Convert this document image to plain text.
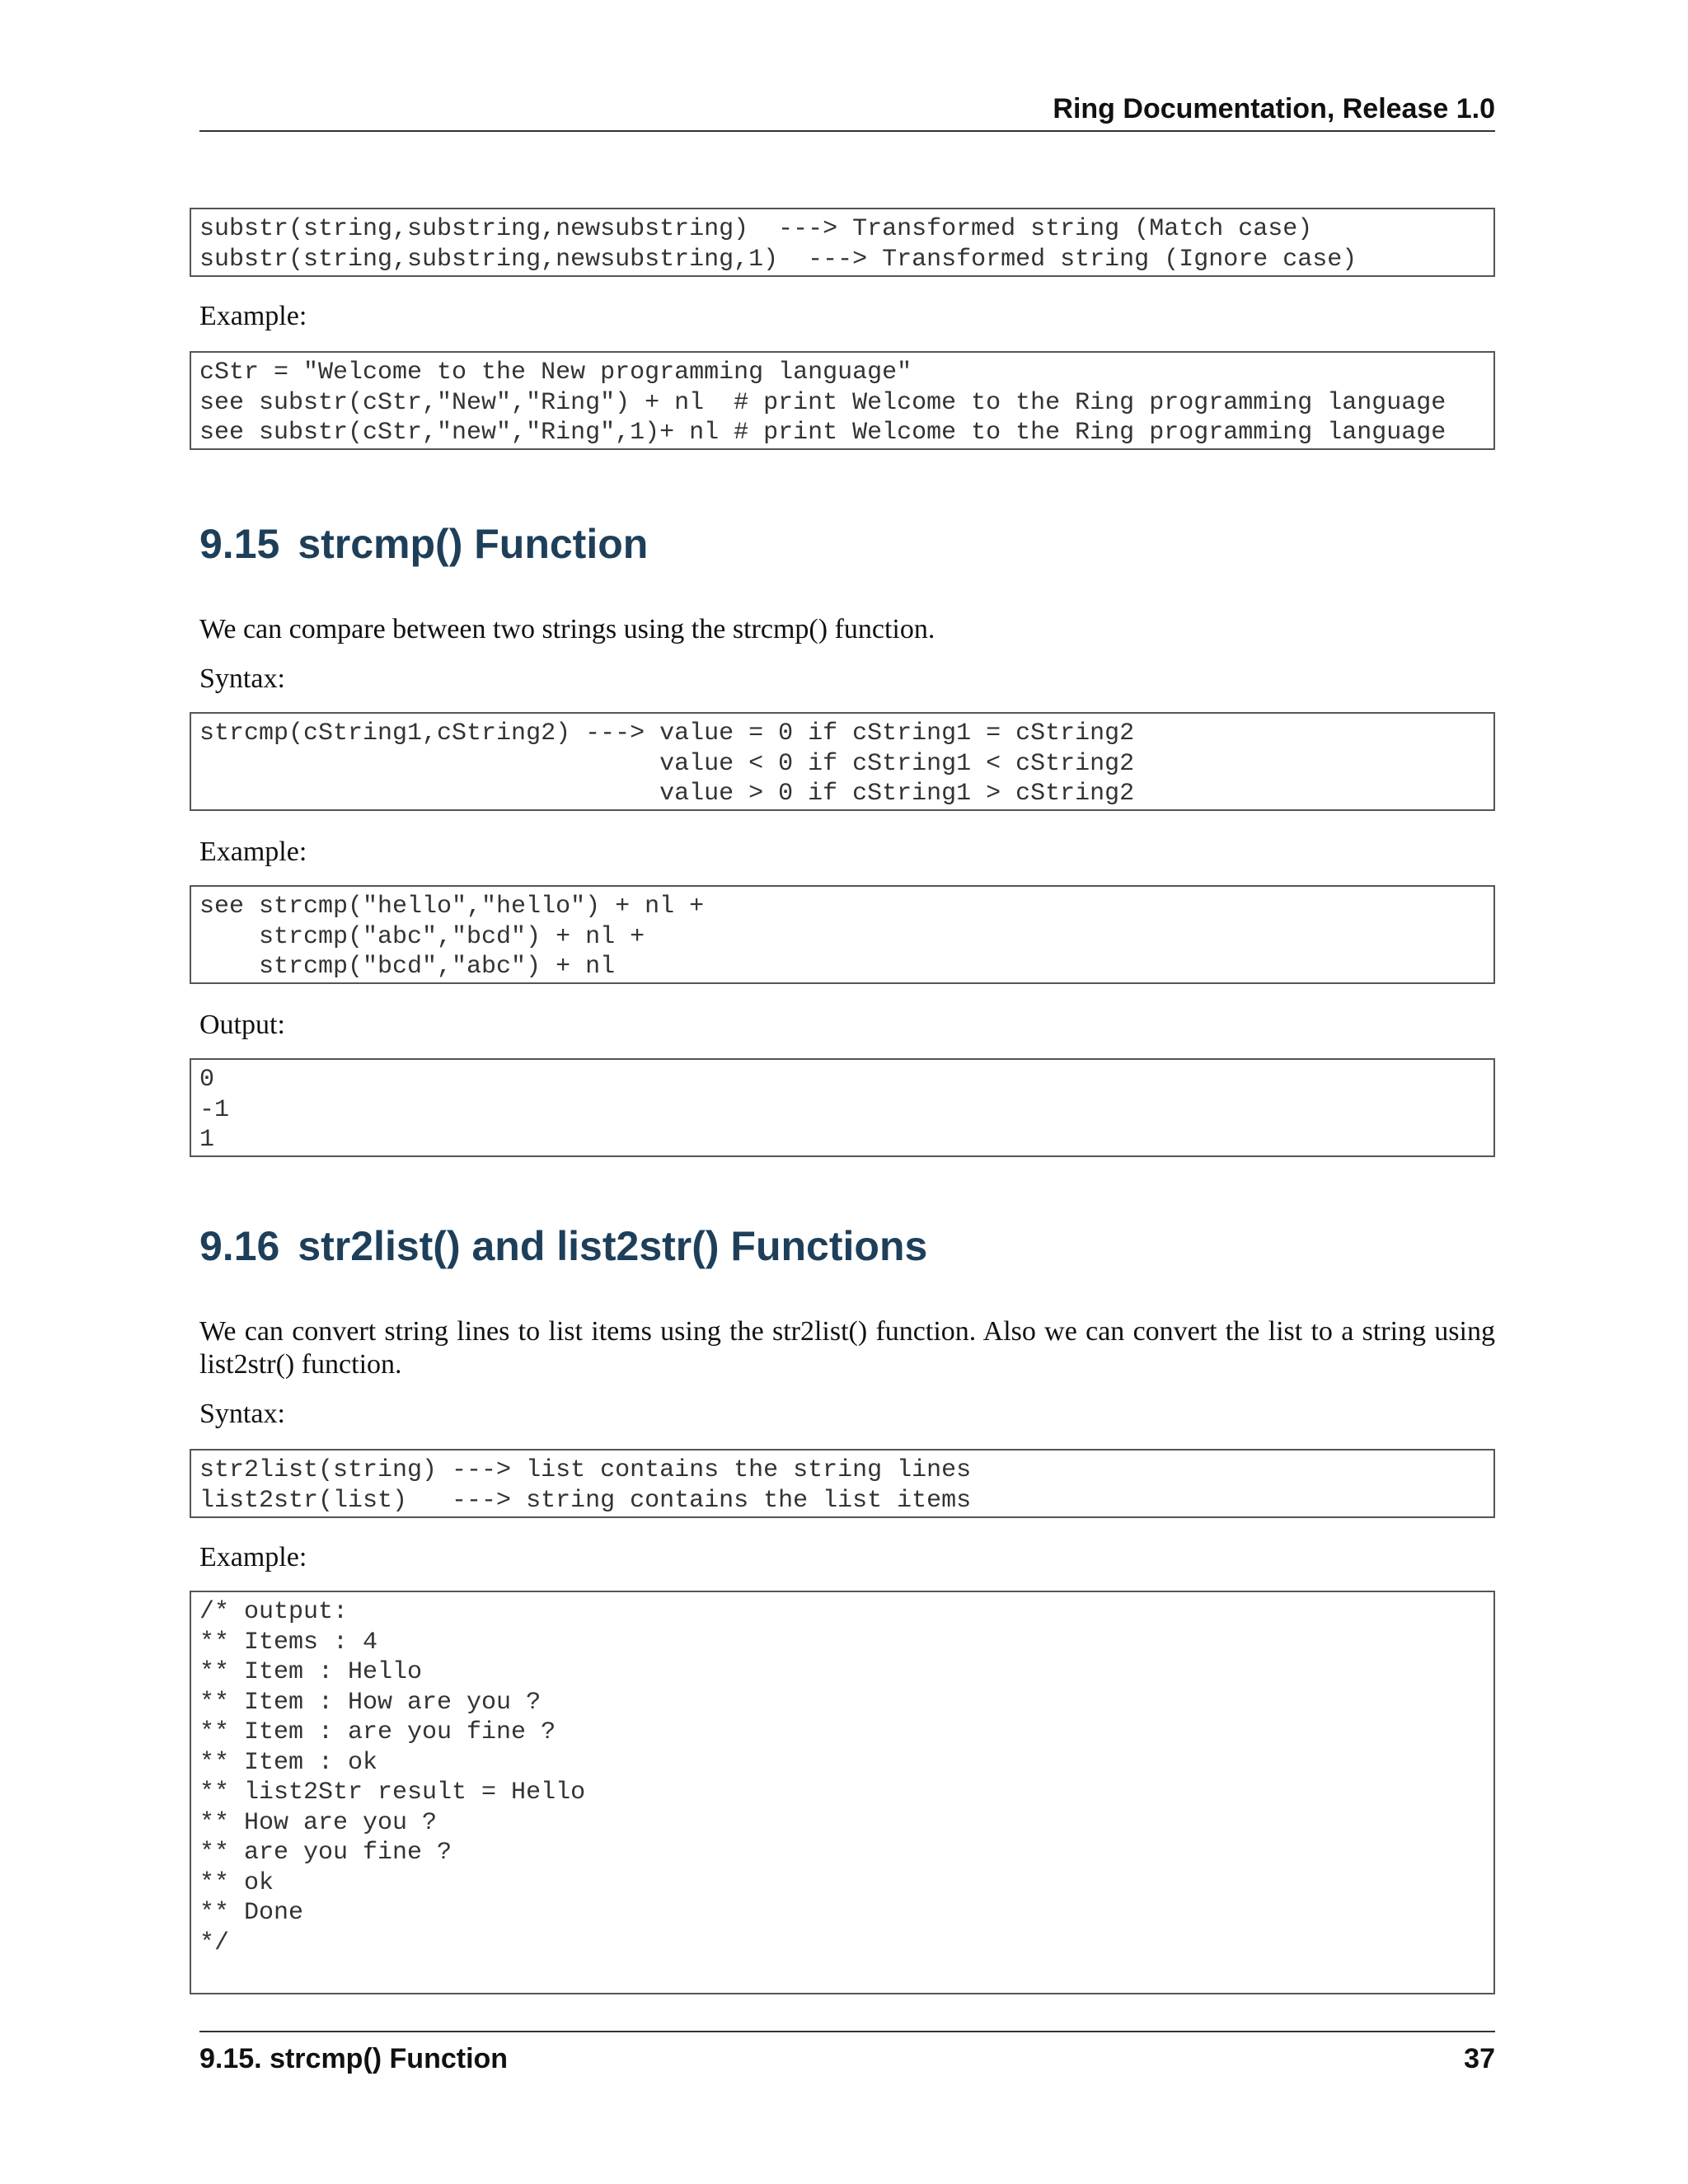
Ring Documentation, Release 1.0
substr(string,substring,newsubstring)  ---> Transformed string (Match case)
substr(string,substring,newsubstring,1)  ---> Transformed string (Ignore case)
Example:
cStr = "Welcome to the New programming language"
see substr(cStr,"New","Ring") + nl  # print Welcome to the Ring programming language
see substr(cStr,"new","Ring",1)+ nl # print Welcome to the Ring programming language
9.15 strcmp() Function
We can compare between two strings using the strcmp() function.
Syntax:
strcmp(cString1,cString2) ---> value = 0 if cString1 = cString2
value < 0 if cString1 < cString2
value > 0 if cString1 > cString2
Example:
see strcmp("hello","hello") + nl +
strcmp("abc","bcd") + nl +
strcmp("bcd","abc") + nl
Output:
0
-1
1
9.16 str2list() and list2str() Functions
We can convert string lines to list items using the str2list() function. Also we can convert the list to a string using list2str() function.
Syntax:
str2list(string) ---> list contains the string lines
list2str(list)   ---> string contains the list items
Example:
/* output:
** Items : 4
** Item : Hello
** Item : How are you ?
** Item : are you fine ?
** Item : ok
** list2Str result = Hello
** How are you ?
** are you fine ?
** ok
** Done
*/
9.15. strcmp() Function	37
